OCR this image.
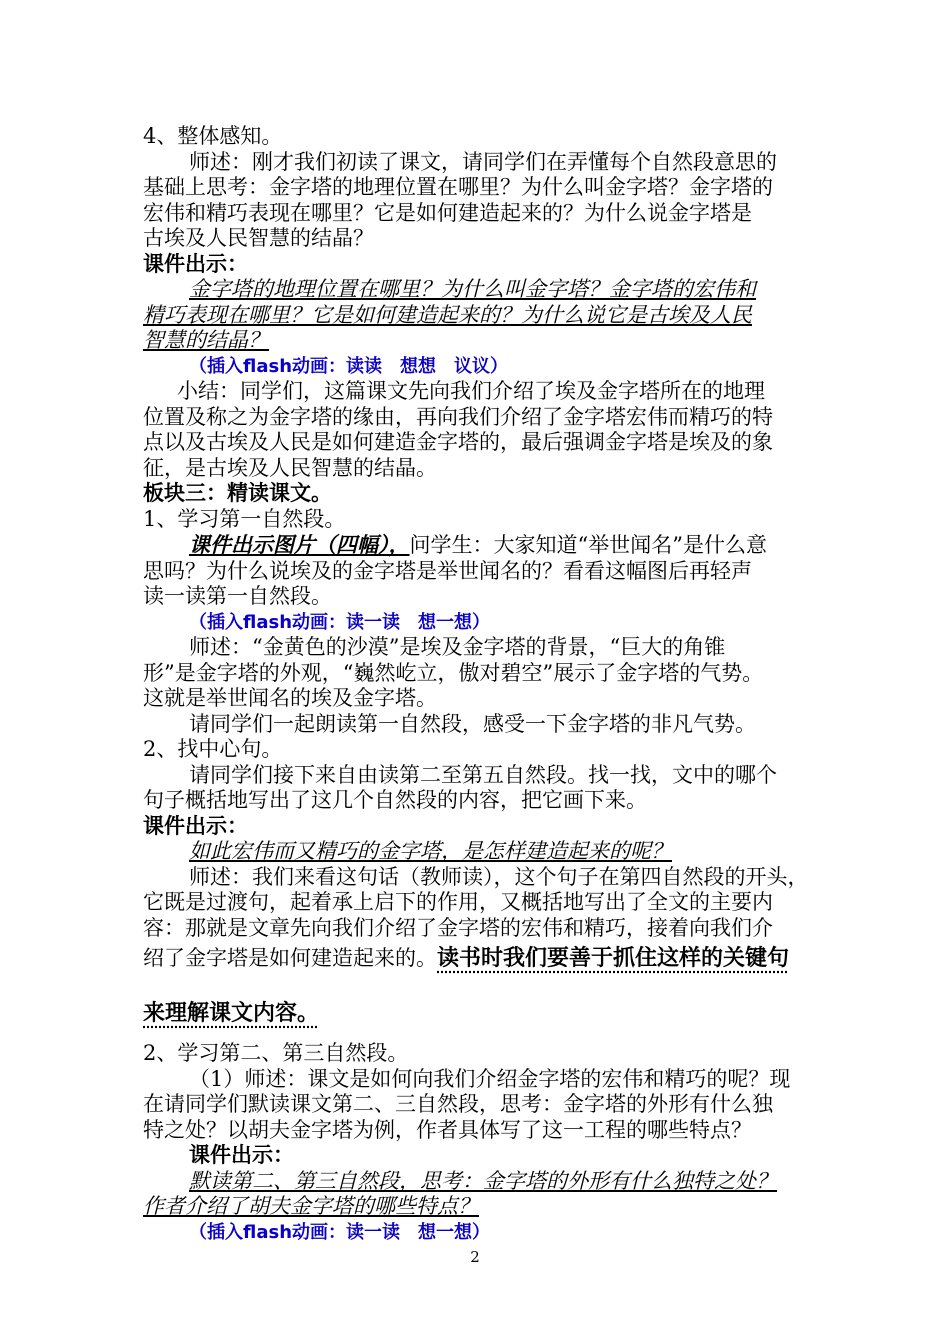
4、整体感知。
师述：刚才我们初读了课文，请同学们在弄懂每个自然段意思的
基础上思考：金字塔的地理位置在哪里？为什么叫金字塔？金字塔的
宏伟和精巧表现在哪里？它是如何建造起来的？为什么说金字塔是
古埃及人民智慧的结晶？
课件出示：
金字塔的地理位置在哪里？为什么叫金字塔？金字塔的宏伟和
精巧表现在哪里？它是如何建造起来的？为什么说它是古埃及人民
智慧的结晶？
（插入flash动画：读读　想想　议议）
小结：同学们，这篇课文先向我们介绍了埃及金字塔所在的地理
位置及称之为金字塔的缘由，再向我们介绍了金字塔宏伟而精巧的特
点以及古埃及人民是如何建造金字塔的，最后强调金字塔是埃及的象
征，是古埃及人民智慧的结晶。
板块三：精读课文。
1、学习第一自然段。
课件出示图片（四幅），问学生：大家知道“举世闻名”是什么意
思吗？为什么说埃及的金字塔是举世闻名的？看看这幅图后再轻声
读一读第一自然段。
（插入flash动画：读一读　想一想）
师述：“金黄色的沙漠”是埃及金字塔的背景，“巨大的角锥
形”是金字塔的外观，“巍然屹立，傲对碧空”展示了金字塔的气势。
这就是举世闻名的埃及金字塔。
请同学们一起朗读第一自然段，感受一下金字塔的非凡气势。
2、找中心句。
请同学们接下来自由读第二至第五自然段。找一找，文中的哪个
句子概括地写出了这几个自然段的内容，把它画下来。
课件出示：
如此宏伟而又精巧的金字塔，是怎样建造起来的呢？
师述：我们来看这句话（教师读），这个句子在第四自然段的开头，
它既是过渡句，起着承上启下的作用，又概括地写出了全文的主要内
容：那就是文章先向我们介绍了金字塔的宏伟和精巧，接着向我们介
绍了金字塔是如何建造起来的。读书时我们要善于抓住这样的关键句
来理解课文内容。
2、学习第二、第三自然段。
（1）师述：课文是如何向我们介绍金字塔的宏伟和精巧的呢？现
在请同学们默读课文第二、三自然段，思考：金字塔的外形有什么独
特之处？以胡夫金字塔为例，作者具体写了这一工程的哪些特点？
课件出示：
默读第二、第三自然段，思考：金字塔的外形有什么独特之处？
作者介绍了胡夫金字塔的哪些特点？
（插入flash动画：读一读　想一想）
2
